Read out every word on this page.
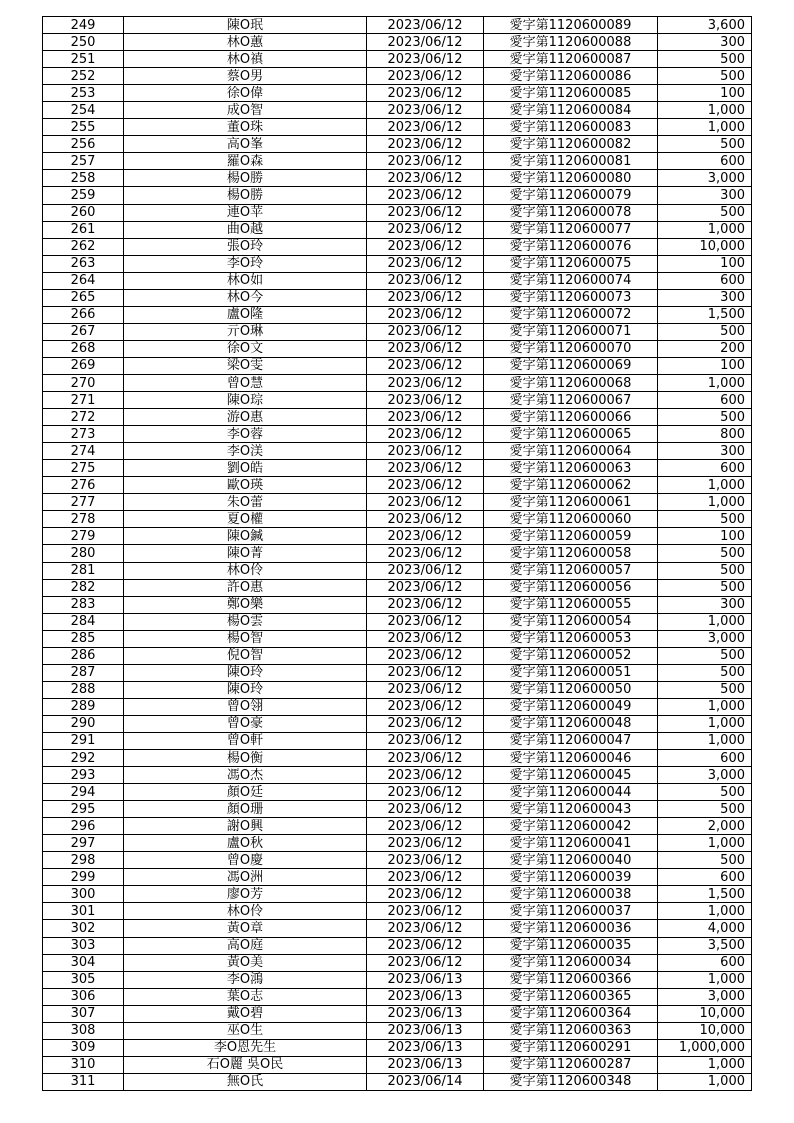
249	陳O珉	2023/06/12	愛字第1120600089	3,600
250	林O蕙	2023/06/12	愛字第1120600088	300
251	林O禛	2023/06/12	愛字第1120600087	500
252	蔡O男	2023/06/12	愛字第1120600086	500
253	徐O偉	2023/06/12	愛字第1120600085	100
254	成O智	2023/06/12	愛字第1120600084	1,000
255	董O珠	2023/06/12	愛字第1120600083	1,000
256	高O峯	2023/06/12	愛字第1120600082	500
257	羅O森	2023/06/12	愛字第1120600081	600
258	楊O勝	2023/06/12	愛字第1120600080	3,000
259	楊O勝	2023/06/12	愛字第1120600079	300
260	連O苹	2023/06/12	愛字第1120600078	500
261	曲O越	2023/06/12	愛字第1120600077	1,000
262	張O玲	2023/06/12	愛字第1120600076	10,000
263	李O玲	2023/06/12	愛字第1120600075	100
264	林O如	2023/06/12	愛字第1120600074	600
265	林O今	2023/06/12	愛字第1120600073	300
266	盧O隆	2023/06/12	愛字第1120600072	1,500
267	亓O琳	2023/06/12	愛字第1120600071	500
268	徐O文	2023/06/12	愛字第1120600070	200
269	梁O雯	2023/06/12	愛字第1120600069	100
270	曾O慧	2023/06/12	愛字第1120600068	1,000
271	陳O琮	2023/06/12	愛字第1120600067	600
272	游O惠	2023/06/12	愛字第1120600066	500
273	李O蓉	2023/06/12	愛字第1120600065	800
274	李O渼	2023/06/12	愛字第1120600064	300
275	劉O皓	2023/06/12	愛字第1120600063	600
276	歐O瑛	2023/06/12	愛字第1120600062	1,000
277	朱O蕾	2023/06/12	愛字第1120600061	1,000
278	夏O權	2023/06/12	愛字第1120600060	500
279	陳O鍼	2023/06/12	愛字第1120600059	100
280	陳O菁	2023/06/12	愛字第1120600058	500
281	林O伶	2023/06/12	愛字第1120600057	500
282	許O惠	2023/06/12	愛字第1120600056	500
283	鄭O樂	2023/06/12	愛字第1120600055	300
284	楊O雲	2023/06/12	愛字第1120600054	1,000
285	楊O智	2023/06/12	愛字第1120600053	3,000
286	倪O智	2023/06/12	愛字第1120600052	500
287	陳O玲	2023/06/12	愛字第1120600051	500
288	陳O玲	2023/06/12	愛字第1120600050	500
289	曾O翎	2023/06/12	愛字第1120600049	1,000
290	曾O豪	2023/06/12	愛字第1120600048	1,000
291	曾O軒	2023/06/12	愛字第1120600047	1,000
292	楊O衡	2023/06/12	愛字第1120600046	600
293	馮O杰	2023/06/12	愛字第1120600045	3,000
294	顏O廷	2023/06/12	愛字第1120600044	500
295	顏O珊	2023/06/12	愛字第1120600043	500
296	謝O興	2023/06/12	愛字第1120600042	2,000
297	盧O秋	2023/06/12	愛字第1120600041	1,000
298	曾O慶	2023/06/12	愛字第1120600040	500
299	馮O洲	2023/06/12	愛字第1120600039	600
300	廖O芳	2023/06/12	愛字第1120600038	1,500
301	林O伶	2023/06/12	愛字第1120600037	1,000
302	黃O章	2023/06/12	愛字第1120600036	4,000
303	高O庭	2023/06/12	愛字第1120600035	3,500
304	黃O美	2023/06/12	愛字第1120600034	600
305	李O鴻	2023/06/13	愛字第1120600366	1,000
306	葉O志	2023/06/13	愛字第1120600365	3,000
307	戴O碧	2023/06/13	愛字第1120600364	10,000
308	巫O生	2023/06/13	愛字第1120600363	10,000
309	李O恩先生	2023/06/13	愛字第1120600291	1,000,000
310	石O麗 吳O民	2023/06/13	愛字第1120600287	1,000
311	無O氏	2023/06/14	愛字第1120600348	1,000
